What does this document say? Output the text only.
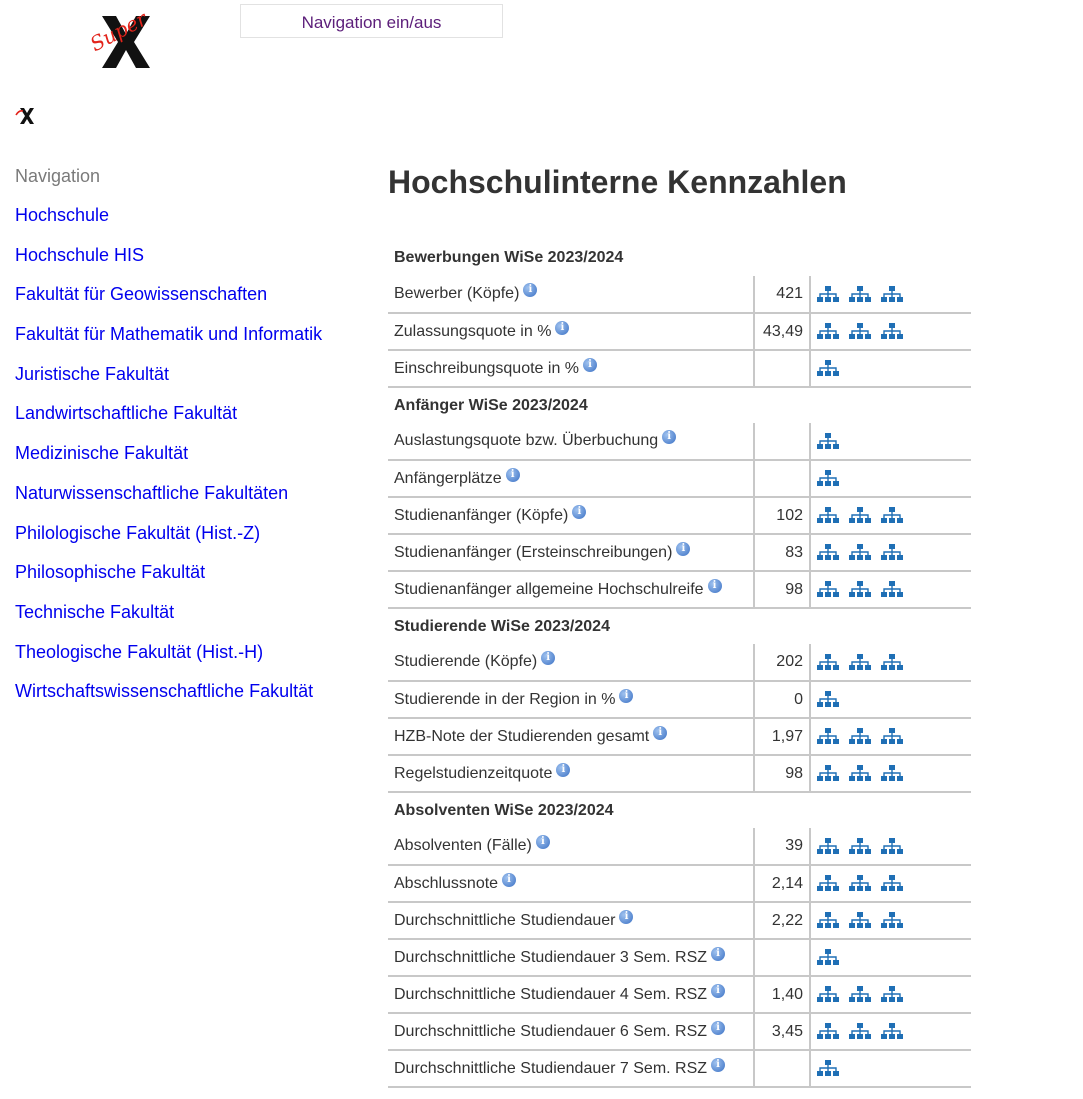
Super	Navigation ein/aus
Navigation
Hochschule
Hochschule HIS
Fakultät für Geowissenschaften
Fakultät für Mathematik und Informatik
Juristische Fakultät
Landwirtschaftliche Fakultät
Medizinische Fakultät
Naturwissenschaftliche Fakultäten
Philologische Fakultät (Hist.-Z)
Philosophische Fakultät
Technische Fakultät
Theologische Fakultät (Hist.-H)
Wirtschaftswissenschaftliche Fakultät
Hochschulinterne Kennzahlen
Bewerbungen WiSe 2023/2024		
Bewerber (Köpfe) i	421	
Zulassungsquote in % i	43,49	
Einschreibungsquote in % i		
Anfänger WiSe 2023/2024		
Auslastungsquote bzw. Überbuchung i		
Anfängerplätze i		
Studienanfänger (Köpfe) i	102	
Studienanfänger (Ersteinschreibungen) i	83	
Studienanfänger allgemeine Hochschulreife i	98	
Studierende WiSe 2023/2024		
Studierende (Köpfe) i	202	
Studierende in der Region in % i	0	
HZB-Note der Studierenden gesamt i	1,97	
Regelstudienzeitquote i	98	
Absolventen WiSe 2023/2024		
Absolventen (Fälle) i	39	
Abschlussnote i	2,14	
Durchschnittliche Studiendauer i	2,22	
Durchschnittliche Studiendauer 3 Sem. RSZ i		
Durchschnittliche Studiendauer 4 Sem. RSZ i	1,40	
Durchschnittliche Studiendauer 6 Sem. RSZ i	3,45	
Durchschnittliche Studiendauer 7 Sem. RSZ i		
